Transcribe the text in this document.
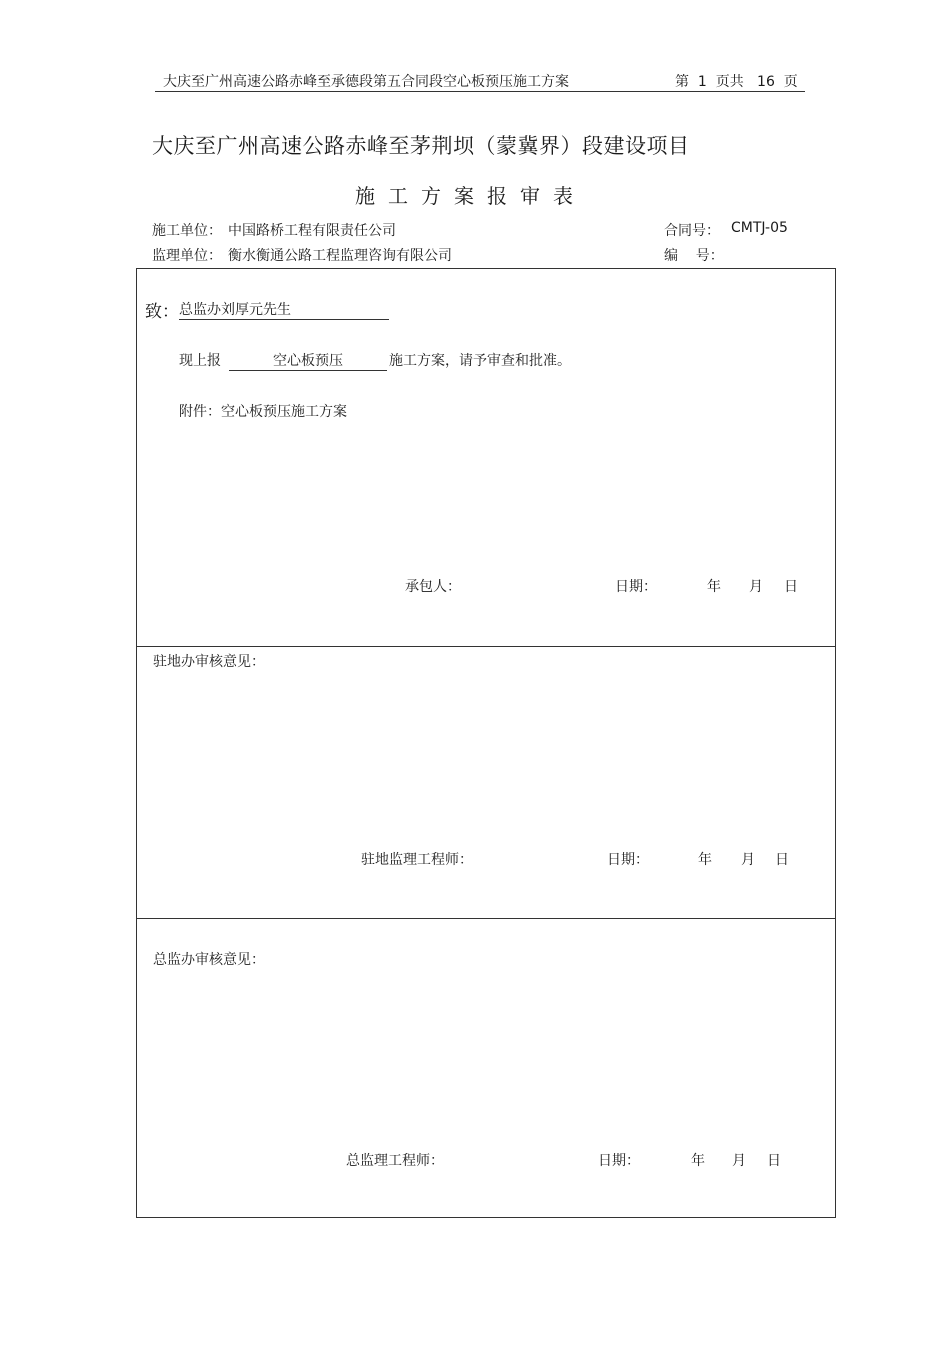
大庆至广州高速公路赤峰至承德段第五合同段空心板预压施工方案	第  1  页共   16  页
大庆至广州高速公路赤峰至茅荆坝（蒙冀界）段建设项目
施工方案报审表
施工单位： 中国路桥工程有限责任公司	合同号： CMTJ-05
监理单位： 衡水衡通公路工程监理咨询有限公司	编    号：
致： 总监办刘厚元先生
现上报	空心板预压	施工方案，请予审查和批准。
附件：空心板预压施工方案
承包人：	日期：	年 月 日
驻地办审核意见：
驻地监理工程师：	日期：	年 月 日
总监办审核意见：
总监理工程师：	日期：	年 月 日
